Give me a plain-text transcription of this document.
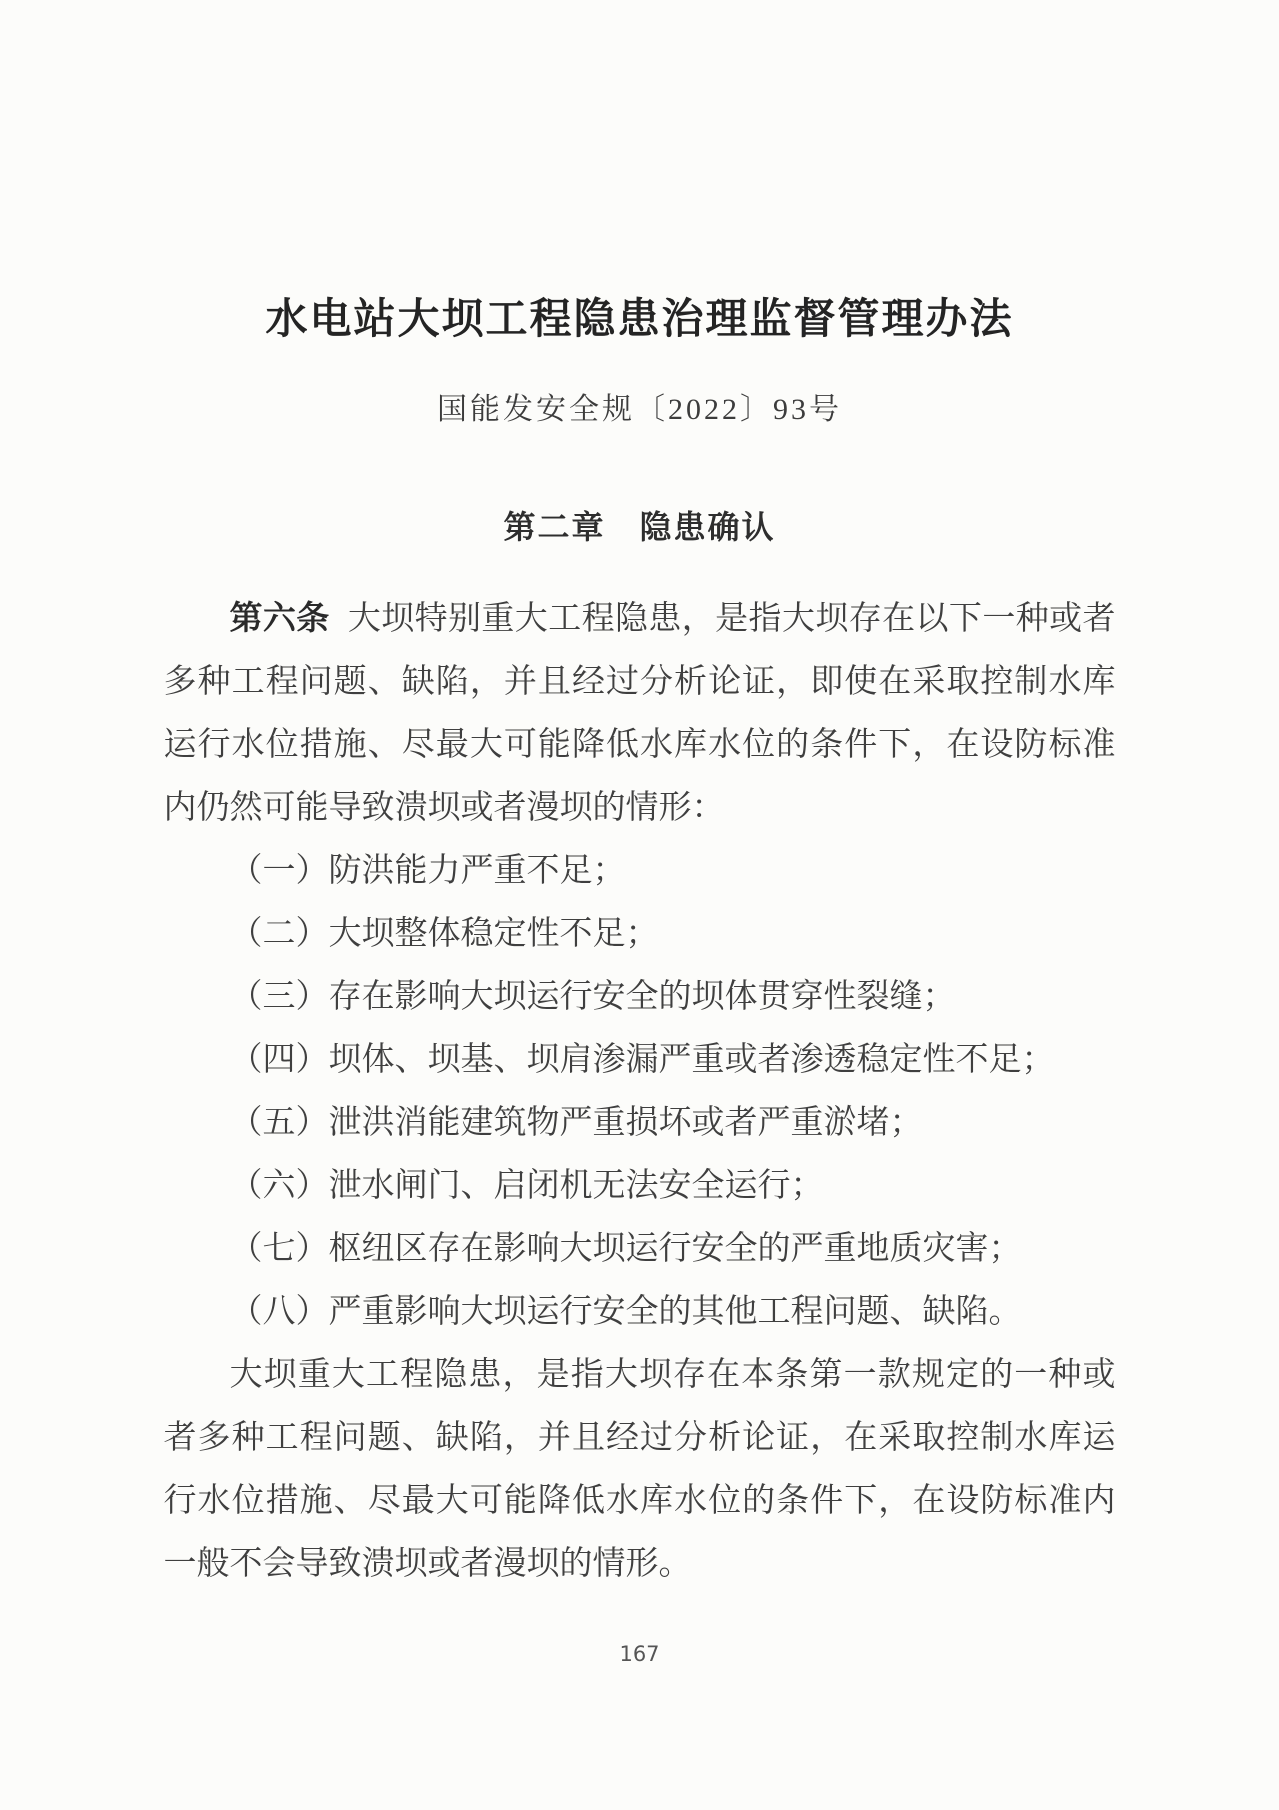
水电站大坝工程隐患治理监督管理办法
国能发安全规〔2022〕93号
第二章　隐患确认

第六条 大坝特别重大工程隐患，是指大坝存在以下一种或者多种工程问题、缺陷，并且经过分析论证，即使在采取控制水库运行水位措施、尽最大可能降低水库水位的条件下，在设防标准内仍然可能导致溃坝或者漫坝的情形：

（一）防洪能力严重不足；

（二）大坝整体稳定性不足；

（三）存在影响大坝运行安全的坝体贯穿性裂缝；

（四）坝体、坝基、坝肩渗漏严重或者渗透稳定性不足；

（五）泄洪消能建筑物严重损坏或者严重淤堵；

（六）泄水闸门、启闭机无法安全运行；

（七）枢纽区存在影响大坝运行安全的严重地质灾害；

（八）严重影响大坝运行安全的其他工程问题、缺陷。

大坝重大工程隐患，是指大坝存在本条第一款规定的一种或者多种工程问题、缺陷，并且经过分析论证，在采取控制水库运行水位措施、尽最大可能降低水库水位的条件下，在设防标准内一般不会导致溃坝或者漫坝的情形。

167
